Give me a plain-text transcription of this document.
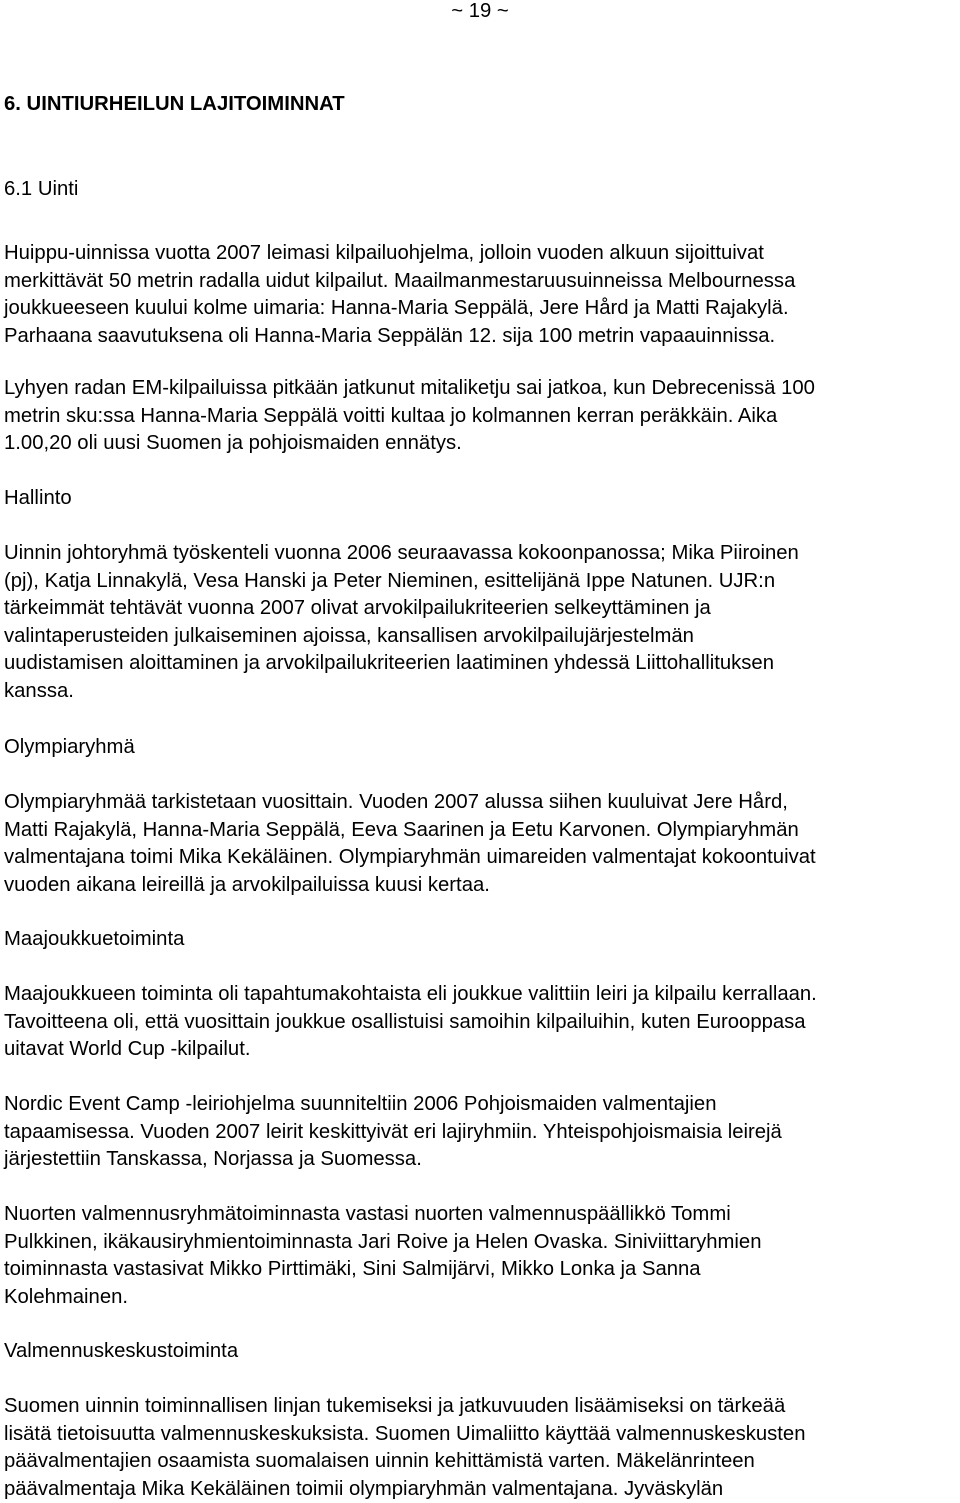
~ 19 ~
6. UINTIURHEILUN LAJITOIMINNAT
6.1 Uinti
Huippu-uinnissa vuotta 2007 leimasi kilpailuohjelma, jolloin vuoden alkuun sijoittuivat
merkittävät 50 metrin radalla uidut kilpailut. Maailmanmestaruusuinneissa Melbournessa
joukkueeseen kuului kolme uimaria: Hanna-Maria Seppälä, Jere Hård ja Matti Rajakylä.
Parhaana saavutuksena oli Hanna-Maria Seppälän 12. sija 100 metrin vapaauinnissa.
Lyhyen radan EM-kilpailuissa pitkään jatkunut mitaliketju sai jatkoa, kun Debrecenissä 100
metrin sku:ssa Hanna-Maria Seppälä voitti kultaa jo kolmannen kerran peräkkäin. Aika
1.00,20 oli uusi Suomen ja pohjoismaiden ennätys.
Hallinto
Uinnin johtoryhmä työskenteli vuonna 2006 seuraavassa kokoonpanossa; Mika Piiroinen
(pj), Katja Linnakylä, Vesa Hanski ja Peter Nieminen, esittelijänä Ippe Natunen. UJR:n
tärkeimmät tehtävät vuonna 2007 olivat arvokilpailukriteerien selkeyttäminen ja
valintaperusteiden julkaiseminen ajoissa, kansallisen arvokilpailujärjestelmän
uudistamisen aloittaminen ja arvokilpailukriteerien laatiminen yhdessä Liittohallituksen
kanssa.
Olympiaryhmä
Olympiaryhmää tarkistetaan vuosittain. Vuoden 2007 alussa siihen kuuluivat Jere Hård,
Matti Rajakylä, Hanna-Maria Seppälä, Eeva Saarinen ja Eetu Karvonen. Olympiaryhmän
valmentajana toimi Mika Kekäläinen. Olympiaryhmän uimareiden valmentajat kokoontuivat
vuoden aikana leireillä ja arvokilpailuissa kuusi kertaa.
Maajoukkuetoiminta
Maajoukkueen toiminta oli tapahtumakohtaista eli joukkue valittiin leiri ja kilpailu kerrallaan.
Tavoitteena oli, että vuosittain joukkue osallistuisi samoihin kilpailuihin, kuten Eurooppasa
uitavat World Cup -kilpailut.
Nordic Event Camp -leiriohjelma suunniteltiin 2006 Pohjoismaiden valmentajien
tapaamisessa. Vuoden 2007 leirit keskittyivät eri lajiryhmiin. Yhteispohjoismaisia leirejä
järjestettiin Tanskassa, Norjassa ja Suomessa.
Nuorten valmennusryhmätoiminnasta vastasi nuorten valmennuspäällikkö Tommi
Pulkkinen, ikäkausiryhmientoiminnasta Jari Roive ja Helen Ovaska. Siniviittaryhmien
toiminnasta vastasivat Mikko Pirttimäki, Sini Salmijärvi, Mikko Lonka ja Sanna
Kolehmainen.
Valmennuskeskustoiminta
Suomen uinnin toiminnallisen linjan tukemiseksi ja jatkuvuuden lisäämiseksi on tärkeää
lisätä tietoisuutta valmennuskeskuksista. Suomen Uimaliitto käyttää valmennuskeskusten
päävalmentajien osaamista suomalaisen uinnin kehittämistä varten. Mäkelänrinteen
päävalmentaja Mika Kekäläinen toimii olympiaryhmän valmentajana. Jyväskylän
